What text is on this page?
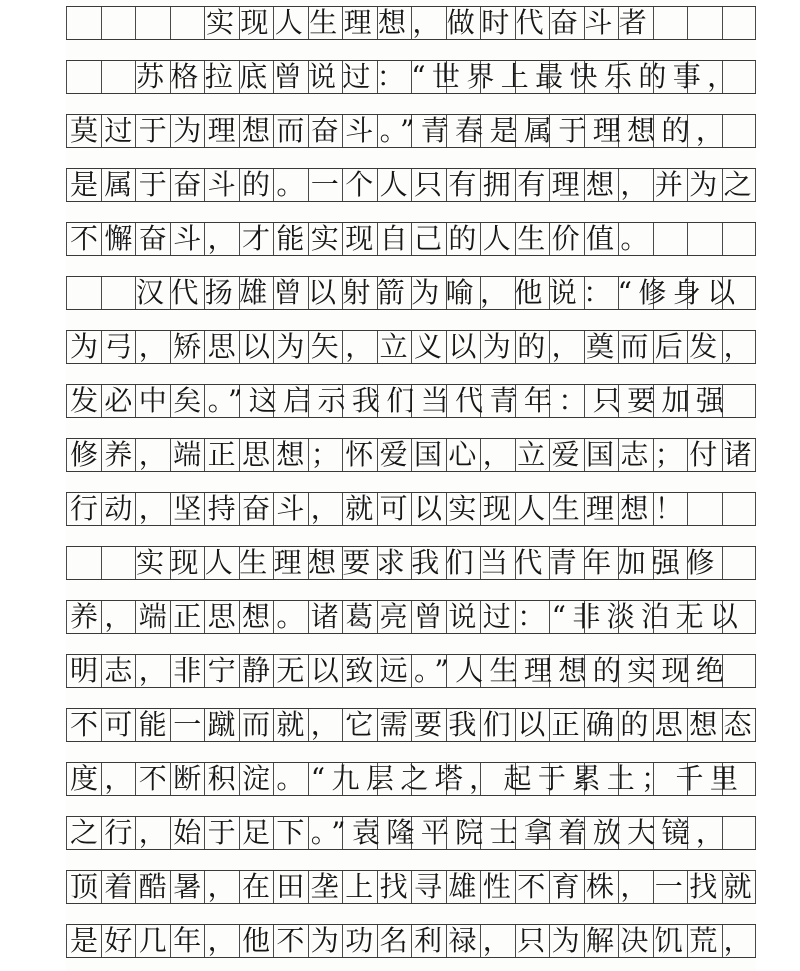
实现人生理想，做时代奋斗者
苏格拉底曾说过：“世界上最快乐的事，
莫过于为理想而奋斗。”青春是属于理想的，
是属于奋斗的。一个人只有拥有理想，并为之
不懈奋斗，才能实现自己的人生价值。
汉代扬雄曾以射箭为喻，他说：“修身以
为弓，矫思以为矢，立义以为的，奠而后发，
发必中矣。”这启示我们当代青年：只要加强
修养，端正思想；怀爱国心，立爱国志；付诸
行动，坚持奋斗，就可以实现人生理想！
实现人生理想要求我们当代青年加强修
养，端正思想。诸葛亮曾说过：“非淡泊无以
明志，非宁静无以致远。”人生理想的实现绝
不可能一蹴而就，它需要我们以正确的思想态
度，不断积淀。“九层之塔，起于累土；千里
之行，始于足下。”袁隆平院士拿着放大镜，
顶着酷暑，在田垄上找寻雄性不育株，一找就
是好几年，他不为功名利禄，只为解决饥荒，
